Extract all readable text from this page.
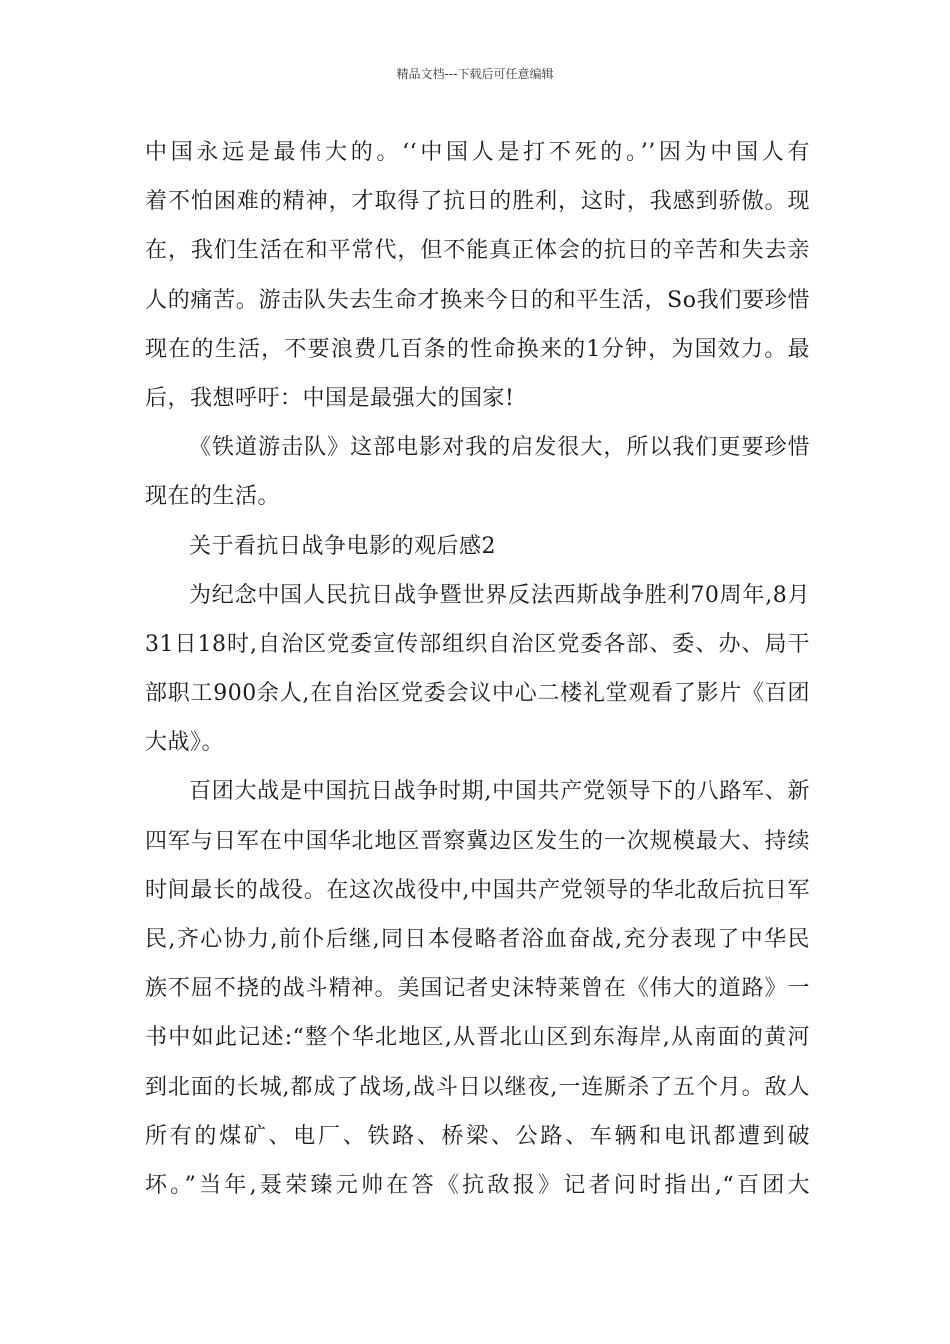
精品文档---下载后可任意编辑
中国永远是最伟大的。‘‘中国人是打不死的。’’因为中国人有
着不怕困难的精神，才取得了抗日的胜利，这时，我感到骄傲。现
在，我们生活在和平常代，但不能真正体会的抗日的辛苦和失去亲
人的痛苦。游击队失去生命才换来今日的和平生活，So我们要珍惜
现在的生活，不要浪费几百条的性命换来的1分钟，为国效力。最
后，我想呼吁：中国是最强大的国家!
《铁道游击队》这部电影对我的启发很大，所以我们更要珍惜
现在的生活。
关于看抗日战争电影的观后感2
为纪念中国人民抗日战争暨世界反法西斯战争胜利70周年,8月
31日18时,自治区党委宣传部组织自治区党委各部、委、办、局干
部职工900余人,在自治区党委会议中心二楼礼堂观看了影片《百团
大战》。
百团大战是中国抗日战争时期,中国共产党领导下的八路军、新
四军与日军在中国华北地区晋察冀边区发生的一次规模最大、持续
时间最长的战役。在这次战役中,中国共产党领导的华北敌后抗日军
民,齐心协力,前仆后继,同日本侵略者浴血奋战,充分表现了中华民
族不屈不挠的战斗精神。美国记者史沫特莱曾在《伟大的道路》一
书中如此记述:“整个华北地区,从晋北山区到东海岸,从南面的黄河
到北面的长城,都成了战场,战斗日以继夜,一连厮杀了五个月。敌人
所有的煤矿、电厂、铁路、桥梁、公路、车辆和电讯都遭到破
坏。”当年,聂荣臻元帅在答《抗敌报》记者问时指出,“百团大
